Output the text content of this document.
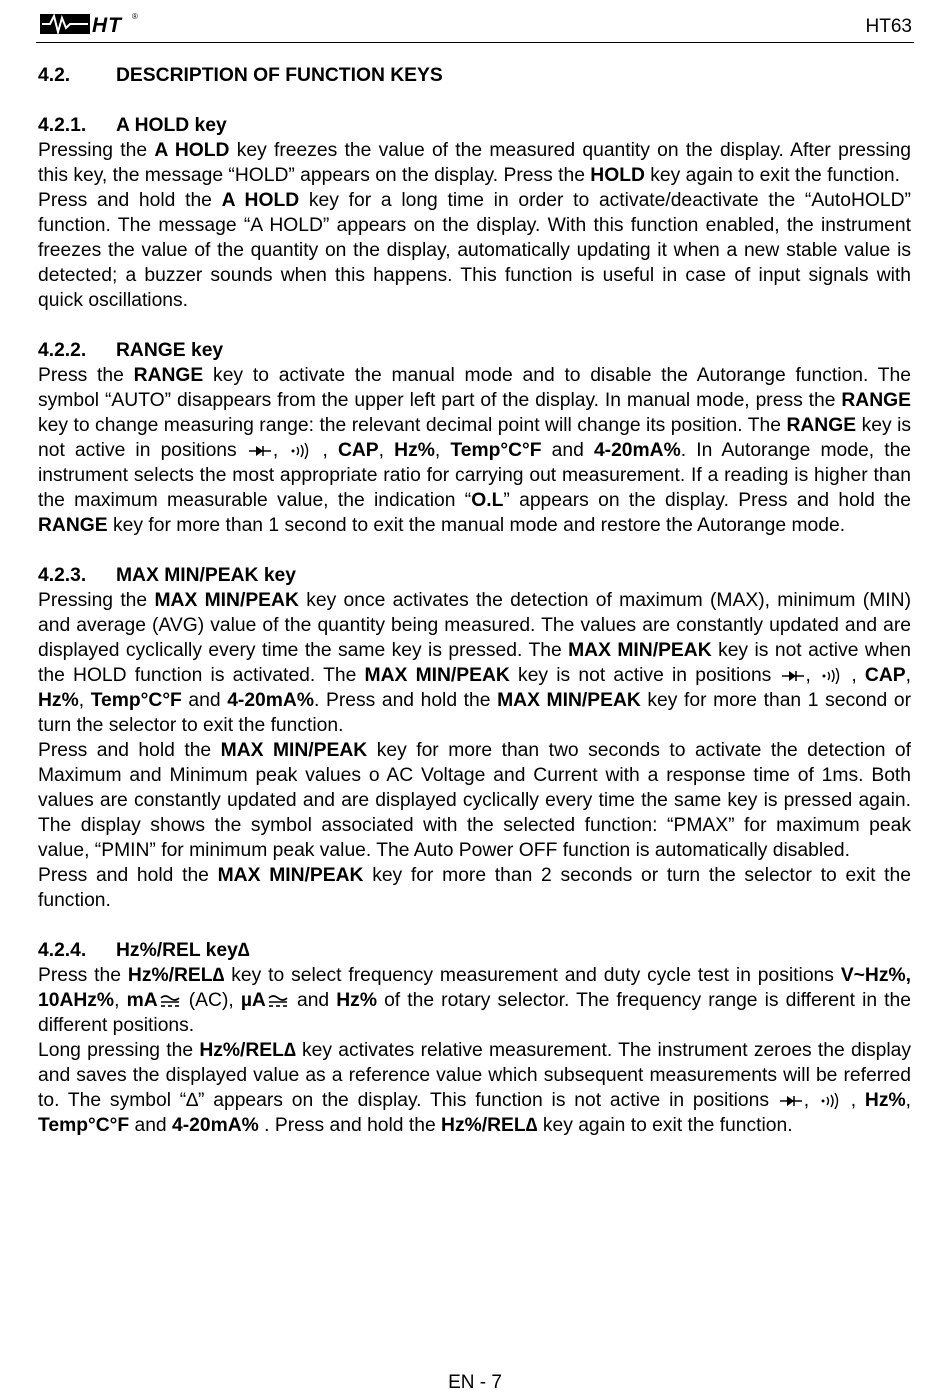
HT ®	HT63
4.2. DESCRIPTION OF FUNCTION KEYS
4.2.1. A HOLD key

Pressing the A HOLD key freezes the value of the measured quantity on the display. After pressing this key, the message “HOLD” appears on the display. Press the HOLD key again to exit the function.

Press and hold the A HOLD key for a long time in order to activate/deactivate the “AutoHOLD” function. The message “A HOLD” appears on the display. With this function enabled, the instrument freezes the value of the quantity on the display, automatically updating it when a new stable value is detected; a buzzer sounds when this happens. This function is useful in case of input signals with quick oscillations.

4.2.2. RANGE key

Press the RANGE key to activate the manual mode and to disable the Autorange function. The symbol “AUTO” disappears from the upper left part of the display. In manual mode, press the RANGE key to change measuring range: the relevant decimal point will change its position. The RANGE key is not active in positions ,  , CAP, Hz%, Temp°C°F and 4-20mA%. In Autorange mode, the instrument selects the most appropriate ratio for carrying out measurement. If a reading is higher than the maximum measurable value, the indication “O.L” appears on the display. Press and hold the RANGE key for more than 1 second to exit the manual mode and restore the Autorange mode.

4.2.3. MAX MIN/PEAK key

Pressing the MAX MIN/PEAK key once activates the detection of maximum (MAX), minimum (MIN) and average (AVG) value of the quantity being measured. The values are constantly updated and are displayed cyclically every time the same key is pressed. The MAX MIN/PEAK key is not active when the HOLD function is activated. The MAX MIN/PEAK key is not active in positions ,  , CAP, Hz%, Temp°C°F and 4-20mA%. Press and hold the MAX MIN/PEAK key for more than 1 second or turn the selector to exit the function.

Press and hold the MAX MIN/PEAK key for more than two seconds to activate the detection of Maximum and Minimum peak values o AC Voltage and Current with a response time of 1ms. Both values are constantly updated and are displayed cyclically every time the same key is pressed again. The display shows the symbol associated with the selected function: “PMAX” for maximum peak value, “PMIN” for minimum peak value. The Auto Power OFF function is automatically disabled.

Press and hold the MAX MIN/PEAK key for more than 2 seconds or turn the selector to exit the function.

4.2.4. Hz%/REL key∆

Press the Hz%/REL∆ key to select frequency measurement and duty cycle test in positions V~Hz%, 10AHz%, mA (AC), µA and Hz% of the rotary selector. The frequency range is different in the different positions.

Long pressing the Hz%/REL∆ key activates relative measurement. The instrument zeroes the display and saves the displayed value as a reference value which subsequent measurements will be referred to. The symbol “∆” appears on the display. This function is not active in positions ,  , Hz%, Temp°C°F and 4-20mA% . Press and hold the Hz%/REL∆ key again to exit the function.

EN - 7
